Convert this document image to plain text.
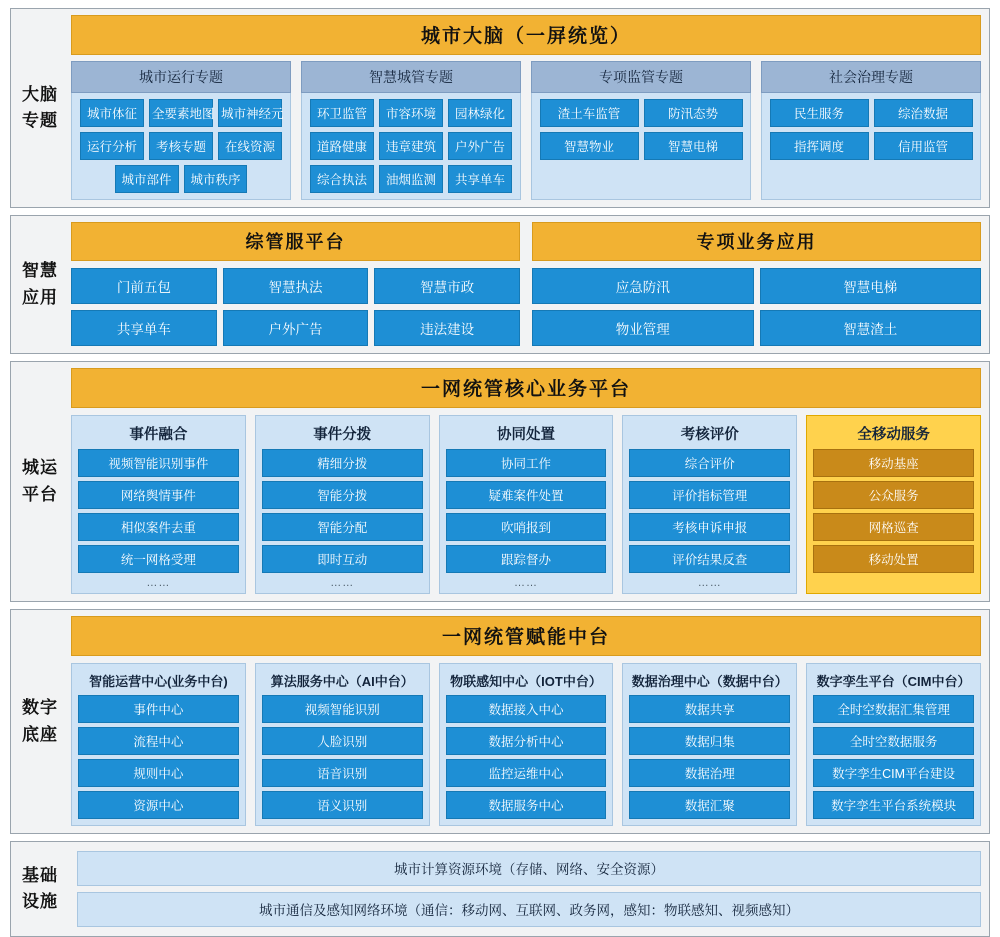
大脑
专题
城市大脑（一屏统览）
城市运行专题
城市体征	全要素地图 城市神经元
运行分析	考核专题	在线资源
城市部件	城市秩序
智慧城管专题
环卫监管	市容环境	园林绿化
道路健康	违章建筑	户外广告
综合执法	油烟监测	共享单车
专项监管专题
渣土车监管	防汛态势
智慧物业	智慧电梯
社会治理专题
民生服务	综治数据
指挥调度	信用监管
智慧
应用
综管服平台
门前五包	智慧执法	智慧市政
共享单车	户外广告	违法建设
专项业务应用
应急防汛	智慧电梯
物业管理	智慧渣土
城运
平台
一网统管核心业务平台
事件融合
视频智能识别事件
网络舆情事件
相似案件去重
统一网格受理
……
事件分拨
精细分拨
智能分拨
智能分配
即时互动
……
协同处置
协同工作
疑难案件处置
吹哨报到
跟踪督办
……
考核评价
综合评价
评价指标管理
考核申诉申报
评价结果反查
……
全移动服务
移动基座
公众服务
网格巡查
移动处置
数字
底座
一网统管赋能中台
智能运营中心(业务中台)
事件中心
流程中心
规则中心
资源中心
算法服务中心（AI中台）
视频智能识别
人脸识别
语音识别
语义识别
物联感知中心（IOT中台）
数据接入中心
数据分析中心
监控运维中心
数据服务中心
数据治理中心（数据中台）
数据共享
数据归集
数据治理
数据汇聚
数字孪生平台（CIM中台）
全时空数据汇集管理
全时空数据服务
数字孪生CIM平台建设
数字孪生平台系统模块
基础
设施
城市计算资源环境（存储、网络、安全资源）
城市通信及感知网络环境（通信：移动网、互联网、政务网，感知：物联感知、视频感知）
